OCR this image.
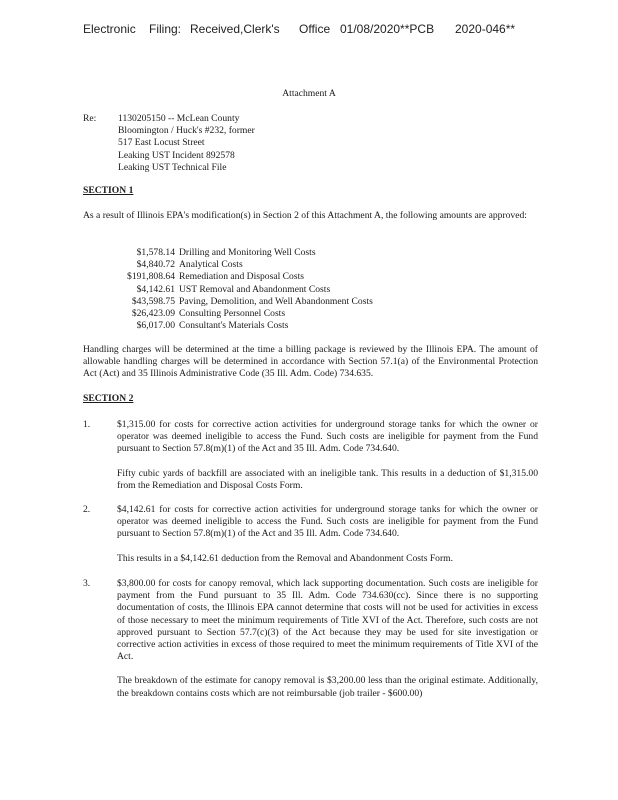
Electronic Filing: Received,Clerk's Office 01/08/2020**PCB 2020-046**
Attachment A
Re: 1130205150 -- McLean County
Bloomington / Huck's #232, former
517 East Locust Street
Leaking UST Incident 892578
Leaking UST Technical File
SECTION 1
As a result of Illinois EPA's modification(s) in Section 2 of this Attachment A, the following amounts are approved:
$1,578.14	Drilling and Monitoring Well Costs
$4,840.72	Analytical Costs
$191,808.64	Remediation and Disposal Costs
$4,142.61	UST Removal and Abandonment Costs
$43,598.75	Paving, Demolition, and Well Abandonment Costs
$26,423.09	Consulting Personnel Costs
$6,017.00	Consultant's Materials Costs
Handling charges will be determined at the time a billing package is reviewed by the Illinois EPA. The amount of allowable handling charges will be determined in accordance with Section 57.1(a) of the Environmental Protection Act (Act) and 35 Illinois Administrative Code (35 Ill. Adm. Code) 734.635.
SECTION 2
1.	$1,315.00 for costs for corrective action activities for underground storage tanks for which the owner or operator was deemed ineligible to access the Fund. Such costs are ineligible for payment from the Fund pursuant to Section 57.8(m)(1) of the Act and 35 Ill. Adm. Code 734.640.

Fifty cubic yards of backfill are associated with an ineligible tank. This results in a deduction of $1,315.00 from the Remediation and Disposal Costs Form.

2.	$4,142.61 for costs for corrective action activities for underground storage tanks for which the owner or operator was deemed ineligible to access the Fund. Such costs are ineligible for payment from the Fund pursuant to Section 57.8(m)(1) of the Act and 35 Ill. Adm. Code 734.640.

This results in a $4,142.61 deduction from the Removal and Abandonment Costs Form.

3.	$3,800.00 for costs for canopy removal, which lack supporting documentation. Such costs are ineligible for payment from the Fund pursuant to 35 Ill. Adm. Code 734.630(cc). Since there is no supporting documentation of costs, the Illinois EPA cannot determine that costs will not be used for activities in excess of those necessary to meet the minimum requirements of Title XVI of the Act. Therefore, such costs are not approved pursuant to Section 57.7(c)(3) of the Act because they may be used for site investigation or corrective action activities in excess of those required to meet the minimum requirements of Title XVI of the Act.

The breakdown of the estimate for canopy removal is $3,200.00 less than the original estimate. Additionally, the breakdown contains costs which are not reimbursable (job trailer - $600.00)
